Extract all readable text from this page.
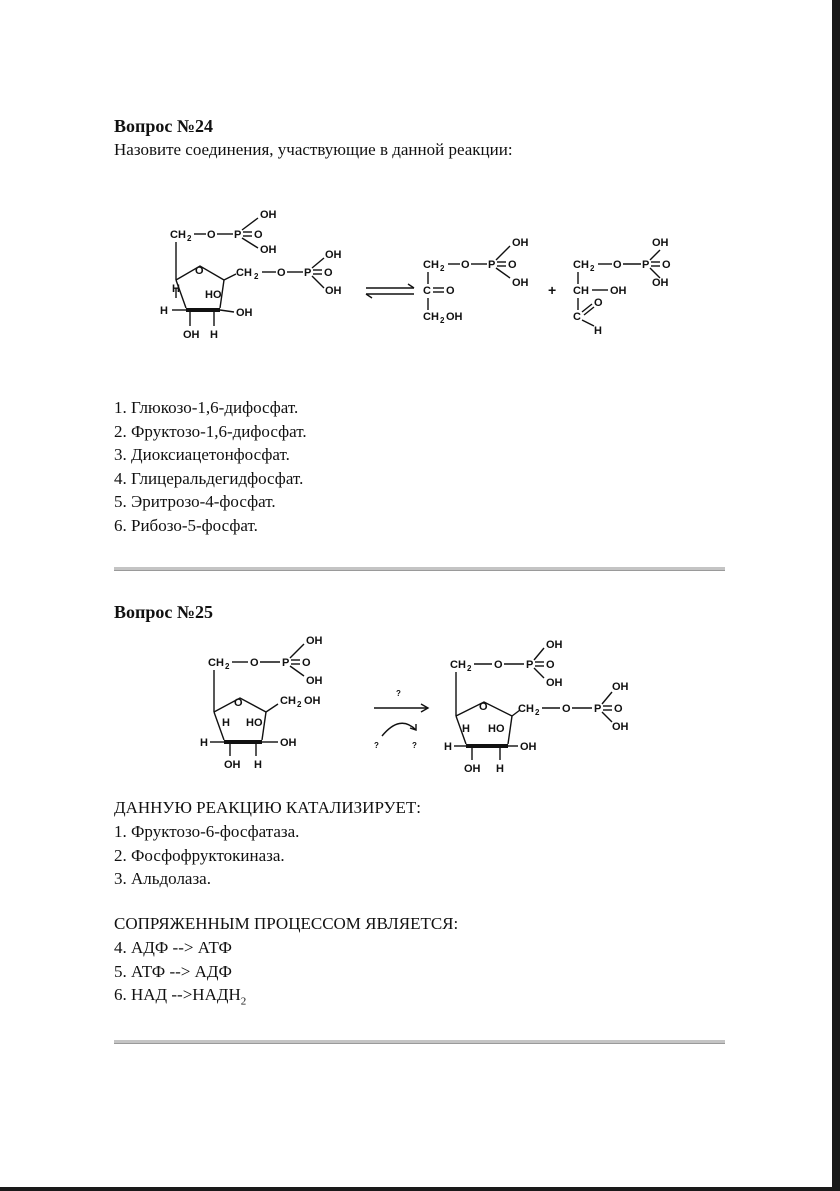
Вопрос №24
Назовите соединения, участвующие в данной реакции:
CH 2 O P
OH
O
OH
O	CH 2 O P
OH
O
OH
H
H
HO
OH
OH H
CH 2 O P
OH
O
OH
C O
CH 2 OH
+
CH 2 O P
OH
O
OH
CH OH
C
O
H
1. Глюкозо-1,6-дифосфат.
2. Фруктозо-1,6-дифосфат.
3. Диоксиацетонфосфат.
4. Глицеральдегидфосфат.
5. Эритрозо-4-фосфат.
6. Рибозо-5-фосфат.
Вопрос №25
CH 2 O P
OH
O
OH
O	CH 2 OH
H HO
H	OH
OH H
?
?	?
CH 2 O P
OH
O
OH
O	CH 2 O P
OH
O
OH
H HO
H	OH
OH H
ДАННУЮ РЕАКЦИЮ КАТАЛИЗИРУЕТ:
1. Фруктозо-6-фосфатаза.
2. Фосфофруктокиназа.
3. Альдолаза.
СОПРЯЖЕННЫМ ПРОЦЕССОМ ЯВЛЯЕТСЯ:
4. АДФ --> АТФ
5. АТФ --> АДФ
6. НАД $-->НАДН_2$
